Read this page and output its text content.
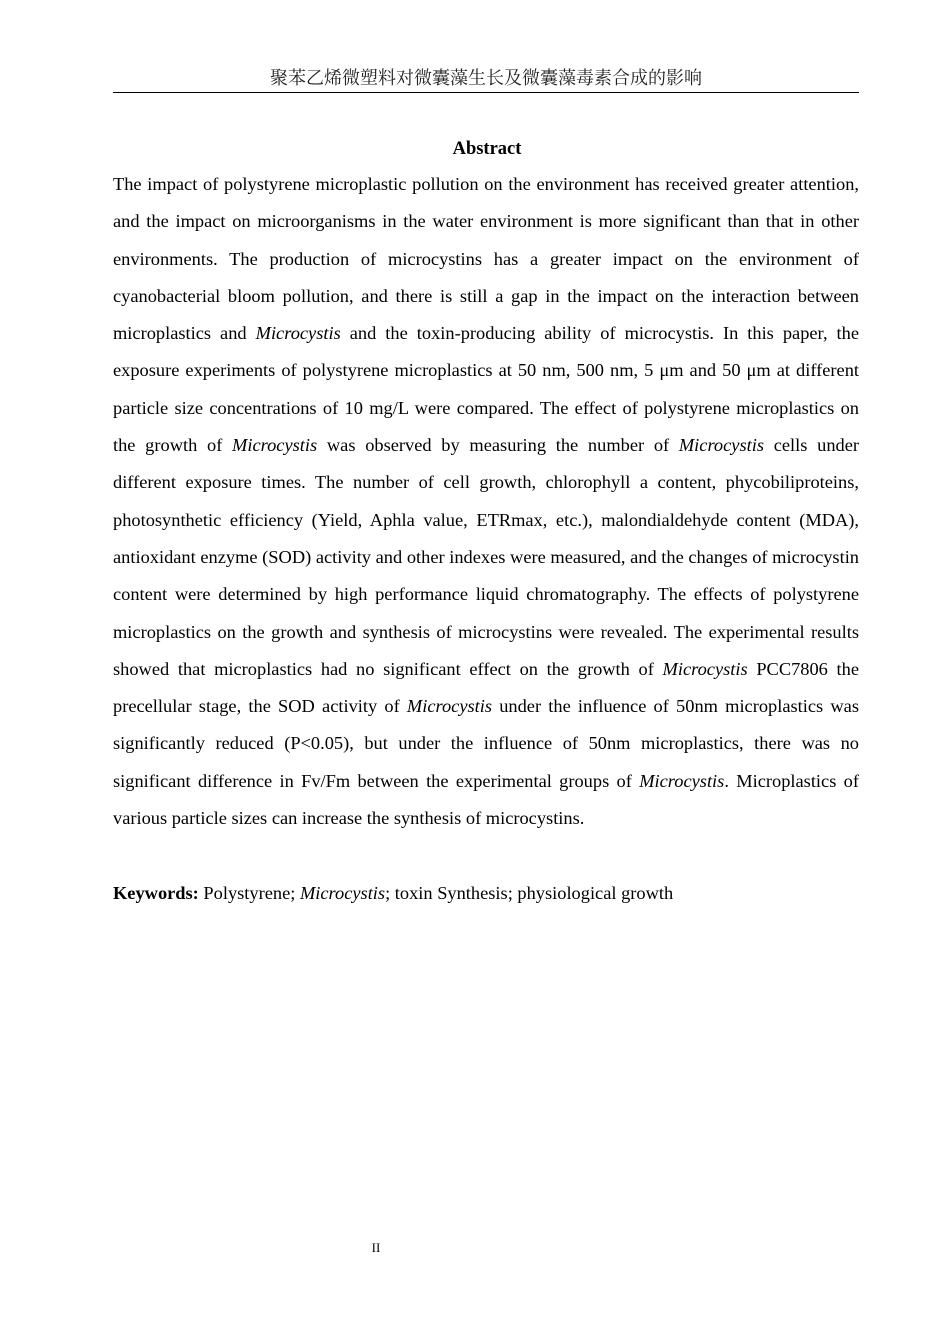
聚苯乙烯微塑料对微囊藻生长及微囊藻毒素合成的影响
Abstract

The impact of polystyrene microplastic pollution on the environment has received greater attention, and the impact on microorganisms in the water environment is more significant than that in other environments. The production of microcystins has a greater impact on the environment of cyanobacterial bloom pollution, and there is still a gap in the impact on the interaction between microplastics and Microcystis and the toxin-producing ability of microcystis. In this paper, the exposure experiments of polystyrene microplastics at 50 nm, 500 nm, 5 μm and 50 μm at different particle size concentrations of 10 mg/L were compared. The effect of polystyrene microplastics on the growth of Microcystis was observed by measuring the number of Microcystis cells under different exposure times. The number of cell growth, chlorophyll a content, phycobiliproteins, photosynthetic efficiency (Yield, Aphla value, ETRmax, etc.), malondialdehyde content (MDA), antioxidant enzyme (SOD) activity and other indexes were measured, and the changes of microcystin content were determined by high performance liquid chromatography. The effects of polystyrene microplastics on the growth and synthesis of microcystins were revealed. The experimental results showed that microplastics had no significant effect on the growth of Microcystis PCC7806 the precellular stage, the SOD activity of Microcystis under the influence of 50nm microplastics was significantly reduced (P<0.05), but under the influence of 50nm microplastics, there was no significant difference in Fv/Fm between the experimental groups of Microcystis. Microplastics of various particle sizes can increase the synthesis of microcystins.

Keywords: Polystyrene; Microcystis; toxin Synthesis; physiological growth
II
